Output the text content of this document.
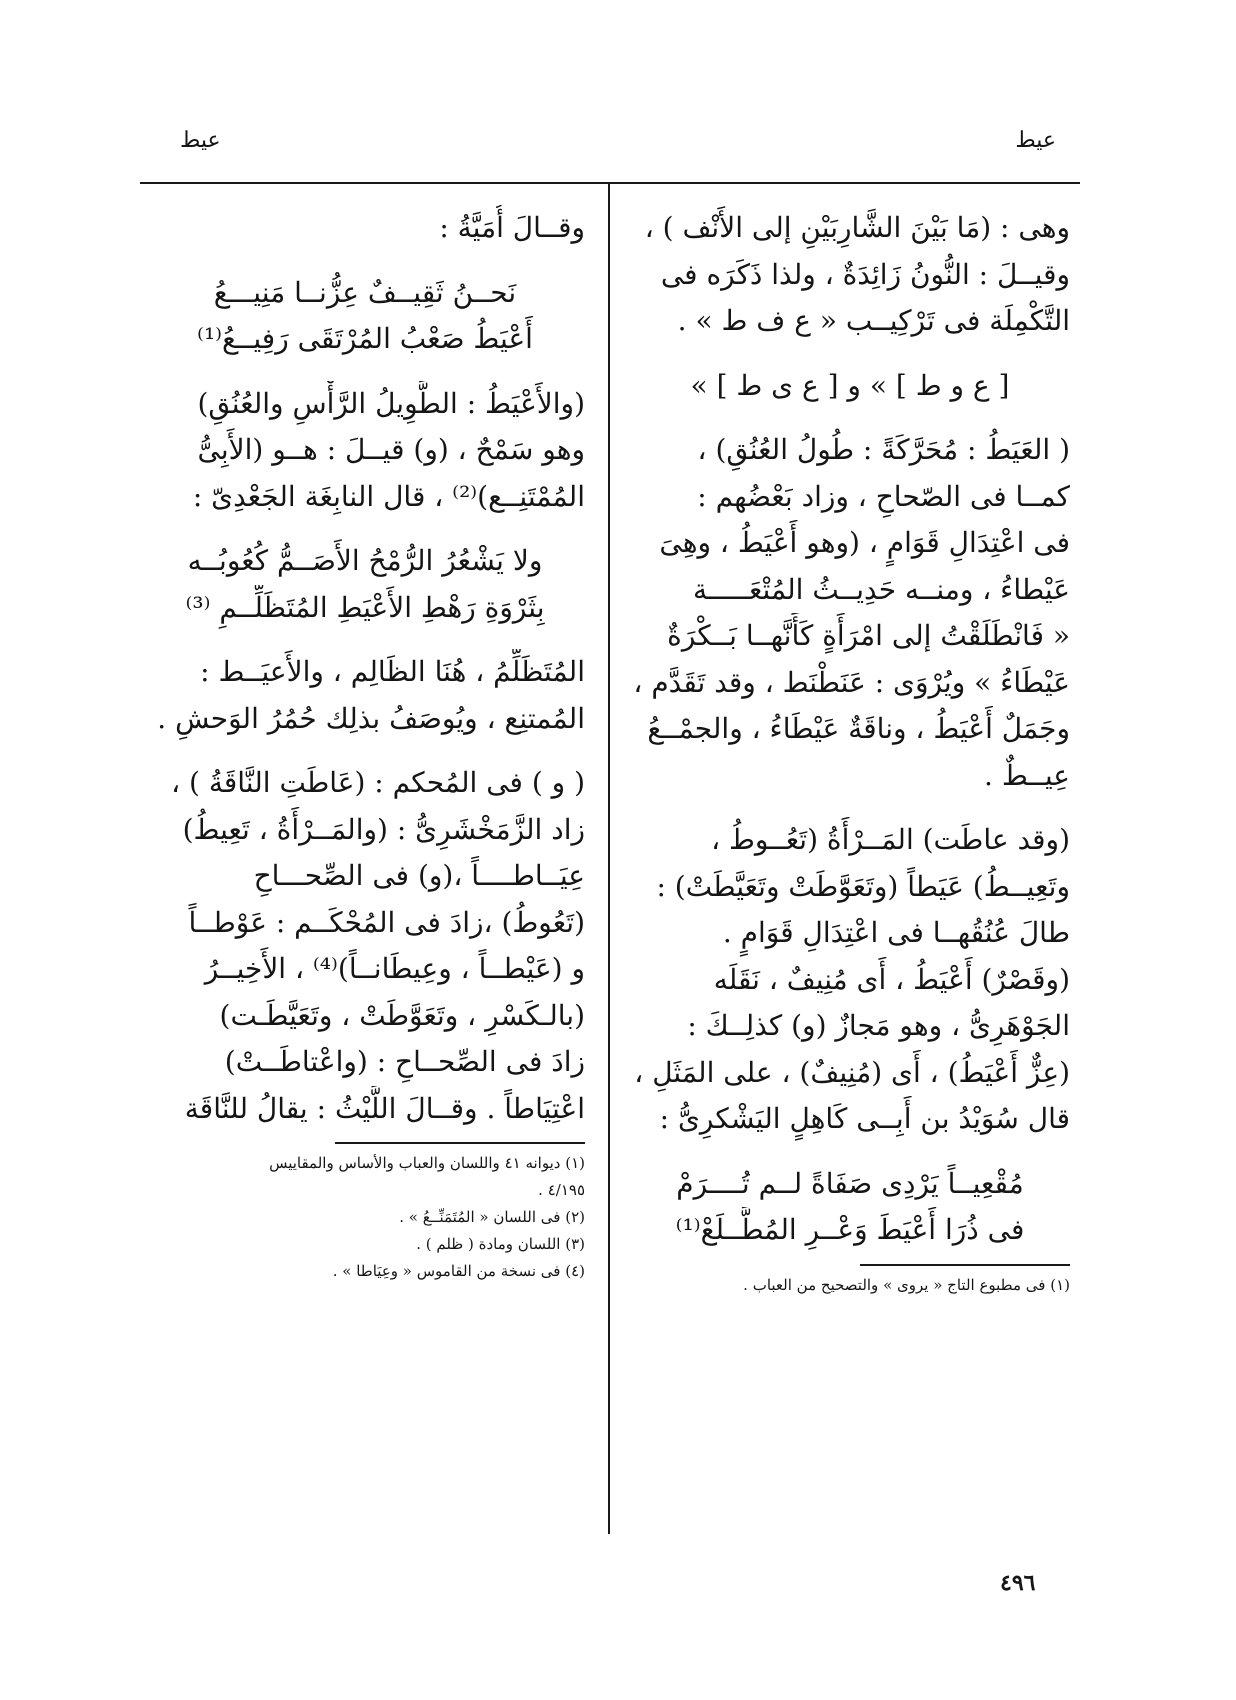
عيط
عيط
وهى : (مَا بَيْنَ الشَّارِبَيْنِ إلى الأَنْف ) ،
وقيــلَ : النُّونُ زَائِدَةٌ ، ولذا ذَكَرَه فى
التَّكْمِلَة فى تَرْكِيــب « ع ف ط » .
[ ع و ط ] » و [ ع ى ط ] »
( العَيَطُ : مُحَرَّكَةً : طُولُ العُنُقِ) ،
كمــا فى الصّحاحِ ، وزاد بَعْضُهم :
فى اعْتِدَالِ قَوَامٍ ، (وهو أَعْيَطُ ، وهِىَ
عَيْطاءُ ، ومنــه حَدِيــثُ المُتْعَـــــة
« فَانْطَلَقْتُ إلى امْرَأَةٍ كَأَنَّهــا بَــكْرَةٌ
عَيْطَاءُ » ويُرْوَى : عَنَطْنَط ، وقد تَقَدَّم ،
وجَمَلٌ أَعْيَطُ ، وناقَةٌ عَيْطَاءُ ، والجمْــعُ
عِيــطٌ .
(وقد عاطَت) المَــرْأَةُ (تَعُــوطُ ،
وتَعِيــطُ) عَيَطاً (وتَعَوَّطَتْ وتَعَيَّطَتْ) :
طالَ عُنُقُهــا فى اعْتِدَالِ قَوَامٍ .
(وقَصْرٌ) أَعْيَطُ ، أَى مُنِيفٌ ، نَقَلَه
الجَوْهَرِىُّ ، وهو مَجازٌ (و) كذلِــكَ :
(عِزٌّ أَعْيَطُ) ، أَى (مُنِيفٌ) ، على المَثَلِ ،
قال سُوَيْدُ بن أَبِــى كَاهِلٍ اليَشْكرِىُّ :
مُقْعِيــاً يَرْدِى صَفَاةً لــم تُــــرَمْ
فى ذُرَا أَعْيَطَ وَعْــرِ المُطَّــلَعْ⁽¹⁾
(١) فى مطبوع التاج « يروى » والتصحيح من العباب .
وقــالَ أُمَيَّةُ :
نَحــنُ ثَقِيــفٌ عِزُّنــا مَنِيـــعُ
أَعْيَطُ صَعْبُ المُرْتَقَى رَفِيــعُ⁽¹⁾
(والأَعْيَطُ : الطَّوِيلُ الرَّأْسِ والعُنُقِ)
وهو سَمْحٌ ، (و) قيــلَ : هــو (الأَبِىُّ
المُمْتَنِــع)⁽²⁾ ، قال النابِغَة الجَعْدِىّ :
ولا يَشْعُرُ الرُّمْحُ الأَصَــمُّ كُعُوبُــه
بِثَرْوَةِ رَهْطِ الأَعْيَطِ المُتَظَلِّــمِ ⁽³⁾
المُتَظَلِّمُ ، هُنَا الظَالِم ، والأَعيَــط :
المُمتنِع ، ويُوصَفُ بذلِك حُمُرُ الوَحشِ .
( و ) فى المُحكم : (عَاطَتِ النَّاقَةُ ) ،
زاد الزَّمَخْشَرِىُّ : (والمَــرْأَةُ ، تَعِيطُ)
عِيَــاطــــاً ،(و) فى الصِّحـــاحِ
(تَعُوطُ) ،زادَ فى المُحْكَــم : عَوْطــاً
و (عَيْطــاً ، وعِيطَانــاً)⁽⁴⁾ ، الأَخِيــرُ
(بالـكَسْرِ ، وتَعَوَّطَتْ ، وتَعَيَّطَـت)
زادَ فى الصِّحــاحِ : (واعْتاطَــتْ)
اعْتِيَاطاً . وقــالَ اللَّيْثُ : يقالُ للنَّاقَة
(١) ديوانه ٤١ واللسان والعباب والأساس والمقاييس
٤/١٩٥ .
(٢) فى اللسان « المُتَمَنِّــعُ » .
(٣) اللسان ومادة ( ظلم ) .
(٤) فى نسخة من القاموس « وعِيَاطا » .
٤٩٦
